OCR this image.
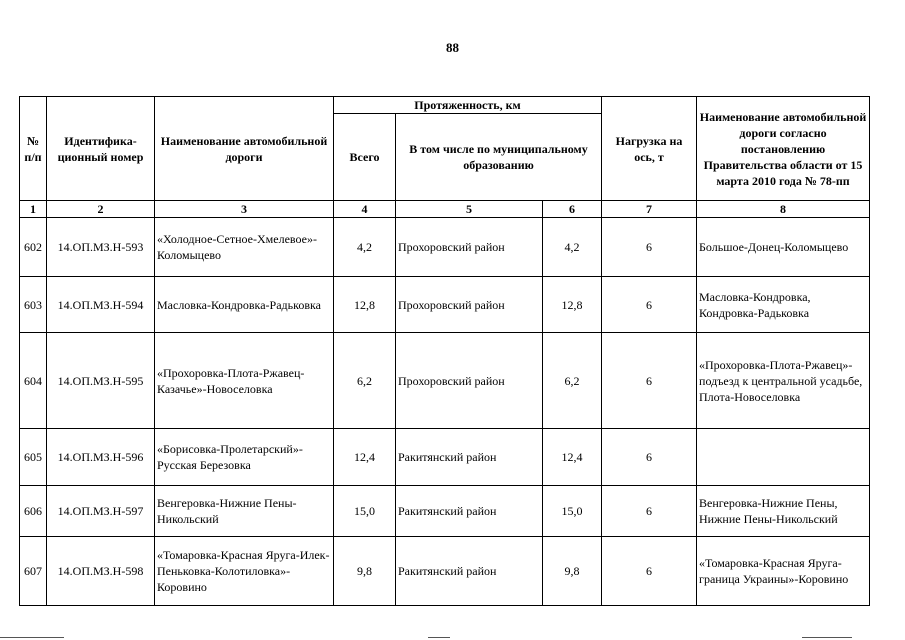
88
№ п/п	Идентифика-ционный номер	Наименование автомобильной дороги	Протяженность, км			Нагрузка на ось, т	Наименование автомобильной дороги согласно постановлению Правительства области от 15 марта 2010 года № 78-пп
			Всего	В том числе по муниципальному образованию			
1	2	3	4	5	6	7	8
602	14.ОП.МЗ.Н-593	«Холодное-Сетное-Хмелевое»-Коломыцево	4,2	Прохоровский район	4,2	6	Большое-Донец-Коломыцево
603	14.ОП.МЗ.Н-594	Масловка-Кондровка-Радьковка	12,8	Прохоровский район	12,8	6	Масловка-Кондровка, Кондровка-Радьковка
604	14.ОП.МЗ.Н-595	«Прохоровка-Плота-Ржавец-Казачье»-Новоселовка	6,2	Прохоровский район	6,2	6	«Прохоровка-Плота-Ржавец»-подъезд к центральной усадьбе, Плота-Новоселовка
605	14.ОП.МЗ.Н-596	«Борисовка-Пролетарский»-Русская Березовка	12,4	Ракитянский район	12,4	6	
606	14.ОП.МЗ.Н-597	Венгеровка-Нижние Пены-Никольский	15,0	Ракитянский район	15,0	6	Венгеровка-Нижние Пены, Нижние Пены-Никольский
607	14.ОП.МЗ.Н-598	«Томаровка-Красная Яруга-Илек-Пеньковка-Колотиловка»-Коровино	9,8	Ракитянский район	9,8	6	«Томаровка-Красная Яруга-граница Украины»-Коровино
